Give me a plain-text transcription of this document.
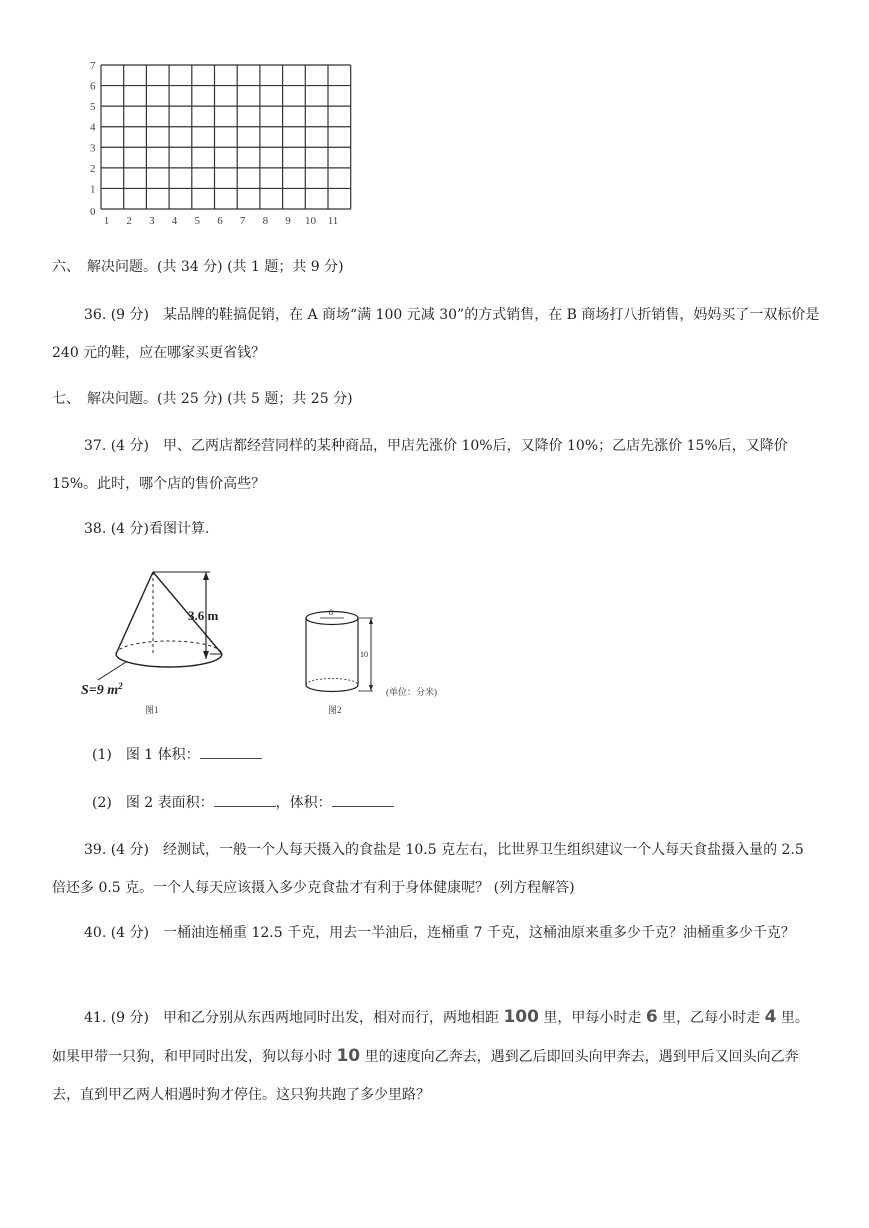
7
6
5
4
3
2
1
0
1 2 3 4 5 6 7 8 9 10 11
六、　解决问题。(共 34 分) (共 1 题；共 9 分)
36. (9 分)　某品牌的鞋搞促销，在 A 商场“满 100 元减 30”的方式销售，在 B 商场打八折销售，妈妈买了一双标价是 240 元的鞋，应在哪家买更省钱？
七、　解决问题。(共 25 分) (共 5 题；共 25 分)
37. (4 分)　甲、乙两店都经营同样的某种商品，甲店先涨价 10%后，又降价 10%；乙店先涨价 15%后，又降价 15%。此时，哪个店的售价高些？
38. (4 分)看图计算.
3.6 m
S=9 $m^2$
图1
8
10
图2
(单位：分米)
(1)　图 1 体积：
(2)　图 2 表面积：	，体积：
39. (4 分)　经测试，一般一个人每天摄入的食盐是 10.5 克左右，比世界卫生组织建议一个人每天食盐摄入量的 2.5 倍还多 0.5 克。一个人每天应该摄入多少克食盐才有利于身体健康呢？ (列方程解答)
40. (4 分)　一桶油连桶重 12.5 千克，用去一半油后，连桶重 7 千克，这桶油原来重多少千克？油桶重多少千克？
41. (9 分)　甲和乙分别从东西两地同时出发，相对而行，两地相距 100 里，甲每小时走 6 里，乙每小时走 4 里。如果甲带一只狗，和甲同时出发，狗以每小时 10 里的速度向乙奔去，遇到乙后即回头向甲奔去，遇到甲后又回头向乙奔去，直到甲乙两人相遇时狗才停住。这只狗共跑了多少里路？
